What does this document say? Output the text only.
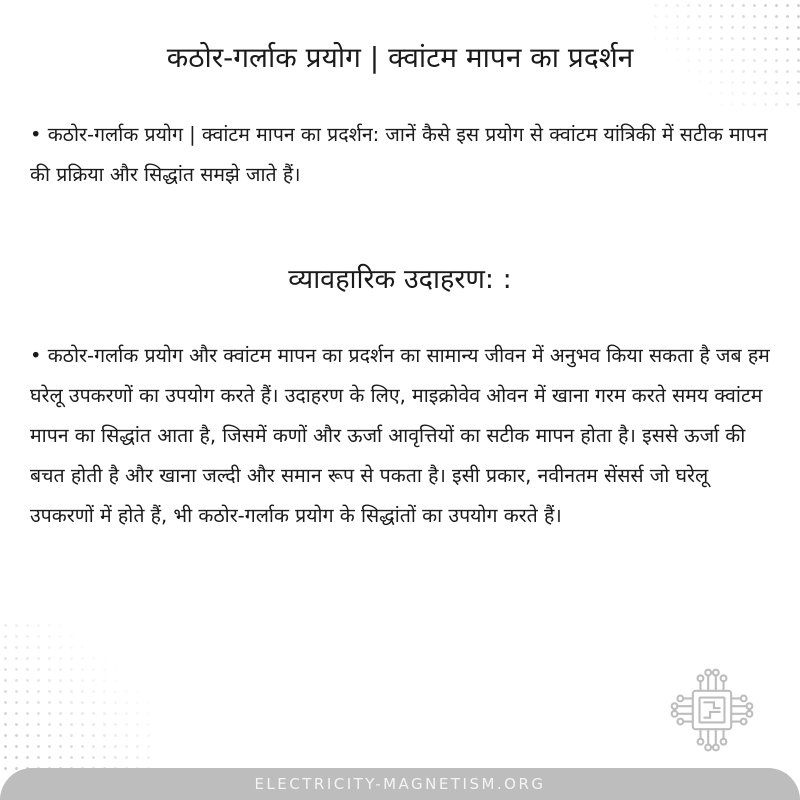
कठोर-गर्लाक प्रयोग | क्वांटम मापन का प्रदर्शन

• कठोर-गर्लाक प्रयोग | क्वांटम मापन का प्रदर्शन: जानें कैसे इस प्रयोग से क्वांटम यांत्रिकी में सटीक मापन की प्रक्रिया और सिद्धांत समझे जाते हैं।

व्यावहारिक उदाहरण: :

• कठोर-गर्लाक प्रयोग और क्वांटम मापन का प्रदर्शन का सामान्य जीवन में अनुभव किया सकता है जब हम घरेलू उपकरणों का उपयोग करते हैं। उदाहरण के लिए, माइक्रोवेव ओवन में खाना गरम करते समय क्वांटम मापन का सिद्धांत आता है, जिसमें कणों और ऊर्जा आवृत्तियों का सटीक मापन होता है। इससे ऊर्जा की बचत होती है और खाना जल्दी और समान रूप से पकता है। इसी प्रकार, नवीनतम सेंसर्स जो घरेलू उपकरणों में होते हैं, भी कठोर-गर्लाक प्रयोग के सिद्धांतों का उपयोग करते हैं।

ELECTRICITY-MAGNETISM.ORG
